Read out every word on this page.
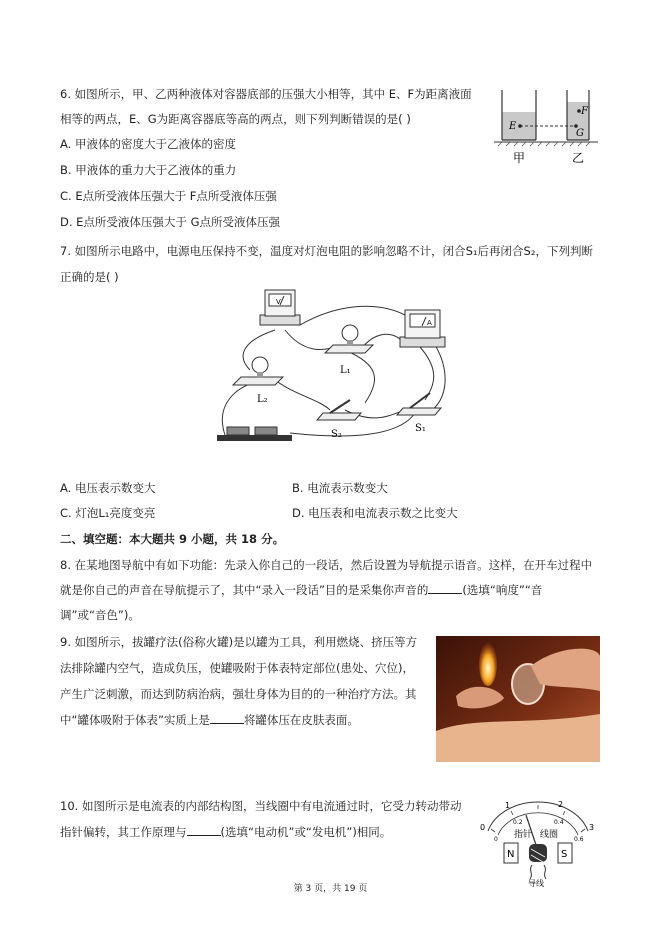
6. 如图所示，甲、乙两种液体对容器底部的压强大小相等，其中 E、F为距离液面
相等的两点，E、G为距离容器底等高的两点，则下列判断错误的是( )
A. 甲液体的密度大于乙液体的密度
B. 甲液体的重力大于乙液体的重力
C. E点所受液体压强大于 F点所受液体压强
D. E点所受液体压强大于 G点所受液体压强
E
F
G
甲	乙
7. 如图所示电路中，电源电压保持不变，温度对灯泡电阻的影响忽略不计，闭合S₁后再闭合S₂，下列判断
正确的是( )
V
A
L₁
L₂
S₂
S₁
A. 电压表示数变大	B. 电流表示数变大
C. 灯泡L₁亮度变亮	D. 电压表和电流表示数之比变大
二、填空题：本大题共 9 小题，共 18 分。
8. 在某地图导航中有如下功能：先录入你自己的一段话，然后设置为导航提示语音。这样，在开车过程中
就是你自己的声音在导航提示了，其中“录入一段话”目的是采集你声音的	(选填“响度”“音
调”或“音色”)。
9. 如图所示，拔罐疗法(俗称火罐)是以罐为工具，利用燃烧、挤压等方
法排除罐内空气，造成负压，使罐吸附于体表特定部位(患处、穴位)，
产生广泛刺激，而达到防病治病，强壮身体为目的的一种治疗方法。其
中“罐体吸附于体表”实质上是	将罐体压在皮肤表面。
10. 如图所示是电流表的内部结构图，当线圈中有电流通过时，它受力转动带动
指针偏转，其工作原理与	(选填“电动机”或“发电机”)相同。	0
1	2
3
0
0.2	0.4
0.6
指针 线圈
N	S
导线
第 3 页，共 19 页
